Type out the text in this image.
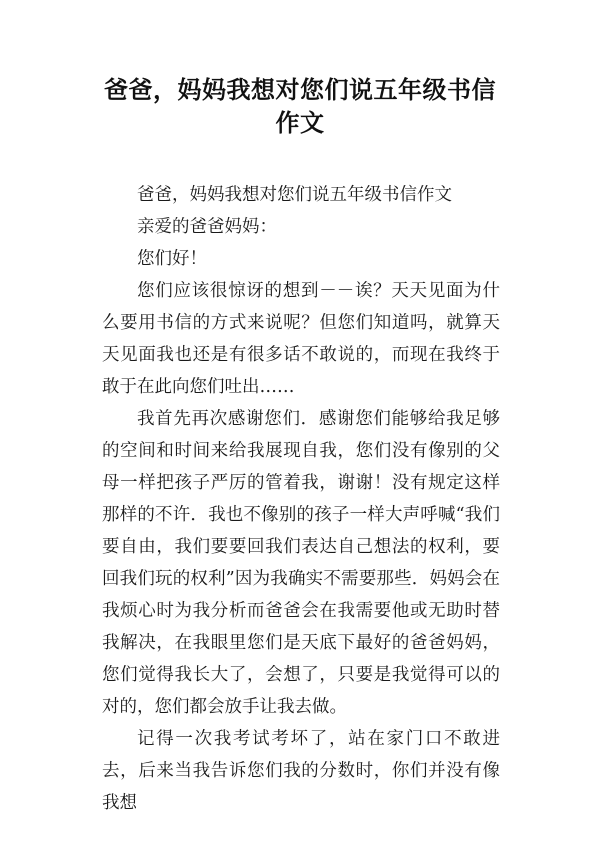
爸爸，妈妈我想对您们说五年级书信
作文

爸爸，妈妈我想对您们说五年级书信作文

亲爱的爸爸妈妈：

您们好！

您们应该很惊讶的想到－－诶？天天见面为什么要用书信的方式来说呢？但您们知道吗，就算天天见面我也还是有很多话不敢说的，而现在我终于敢于在此向您们吐出……

我首先再次感谢您们．感谢您们能够给我足够的空间和时间来给我展现自我，您们没有像别的父母一样把孩子严厉的管着我，谢谢！没有规定这样那样的不许．我也不像别的孩子一样大声呼喊“我们要自由，我们要要回我们表达自己想法的权利，要回我们玩的权利”因为我确实不需要那些．妈妈会在我烦心时为我分析而爸爸会在我需要他或无助时替我解决，在我眼里您们是天底下最好的爸爸妈妈，您们觉得我长大了，会想了，只要是我觉得可以的对的，您们都会放手让我去做。

记得一次我考试考坏了，站在家门口不敢进去，后来当我告诉您们我的分数时，你们并没有像我想
